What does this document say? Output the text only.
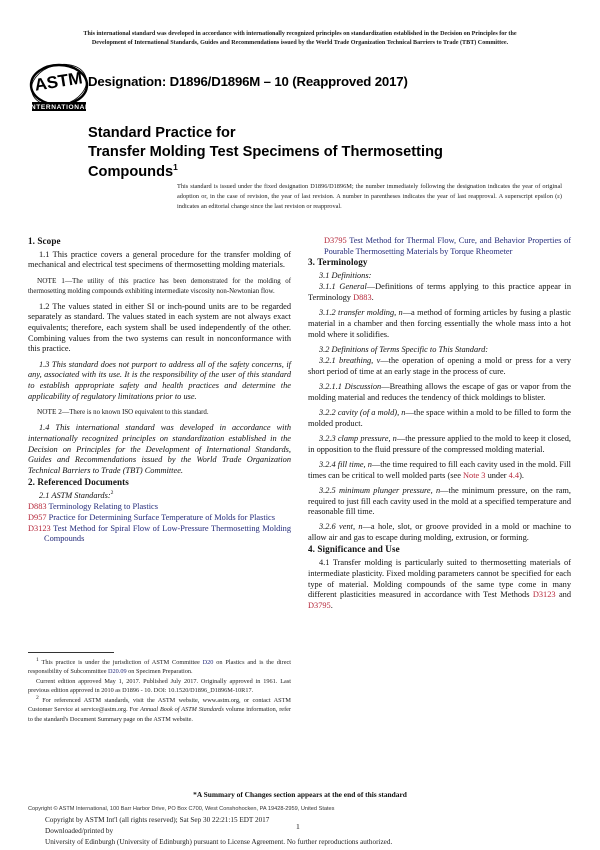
This international standard was developed in accordance with internationally recognized principles on standardization established in the Decision on Principles for the
Development of International Standards, Guides and Recommendations issued by the World Trade Organization Technical Barriers to Trade (TBT) Committee.
ASTM
INTERNATIONAL
Designation: D1896/D1896M – 10 (Reapproved 2017)
Standard Practice for
Transfer Molding Test Specimens of Thermosetting
Compounds$^1$
This standard is issued under the fixed designation D1896/D1896M; the number immediately following the designation indicates the year of original adoption or, in the case of revision, the year of last revision. A number in parentheses indicates the year of last reapproval. A superscript epsilon (ε) indicates an editorial change since the last revision or reapproval.
1. Scope

1.1 This practice covers a general procedure for the transfer molding of mechanical and electrical test specimens of thermosetting molding materials.

NOTE 1—The utility of this practice has been demonstrated for the molding of thermosetting molding compounds exhibiting intermediate viscosity non-Newtonian flow.

1.2 The values stated in either SI or inch-pound units are to be regarded separately as standard. The values stated in each system are not always exact equivalents; therefore, each system shall be used independently of the other. Combining values from the two systems can result in nonconformance with this practice.

1.3 This standard does not purport to address all of the safety concerns, if any, associated with its use. It is the responsibility of the user of this standard to establish appropriate safety and health practices and determine the applicability of regulatory limitations prior to use.

NOTE 2—There is no known ISO equivalent to this standard.

1.4 This international standard was developed in accordance with internationally recognized principles on standardization established in the Decision on Principles for the Development of International Standards, Guides and Recommendations issued by the World Trade Organization Technical Barriers to Trade (TBT) Committee.

2. Referenced Documents

2.1 ASTM Standards:$^2$

D883 Terminology Relating to Plastics

D957 Practice for Determining Surface Temperature of Molds for Plastics

D3123 Test Method for Spiral Flow of Low-Pressure Thermosetting Molding Compounds

D3795 Test Method for Thermal Flow, Cure, and Behavior Properties of Pourable Thermosetting Materials by Torque Rheometer

3. Terminology

3.1 Definitions:

3.1.1 General—Definitions of terms applying to this practice appear in Terminology D883.

3.1.2 transfer molding, n—a method of forming articles by fusing a plastic material in a chamber and then forcing essentially the whole mass into a hot mold where it solidifies.

3.2 Definitions of Terms Specific to This Standard:

3.2.1 breathing, v—the operation of opening a mold or press for a very short period of time at an early stage in the process of cure.

3.2.1.1 Discussion—Breathing allows the escape of gas or vapor from the molding material and reduces the tendency of thick moldings to blister.

3.2.2 cavity (of a mold), n—the space within a mold to be filled to form the molded product.

3.2.3 clamp pressure, n—the pressure applied to the mold to keep it closed, in opposition to the fluid pressure of the compressed molding material.

3.2.4 fill time, n—the time required to fill each cavity used in the mold. Fill times can be critical to well molded parts (see Note 3 under 4.4).

3.2.5 minimum plunger pressure, n—the minimum pressure, on the ram, required to just fill each cavity used in the mold at a specified temperature and reasonable fill time.

3.2.6 vent, n—a hole, slot, or groove provided in a mold or machine to allow air and gas to escape during molding, extrusion, or forming.

4. Significance and Use

4.1 Transfer molding is particularly suited to thermosetting materials of intermediate plasticity. Fixed molding parameters cannot be specified for each type of material. Molding compounds of the same type come in many different plasticities measured in accordance with Test Methods D3123 and D3795.

$^1$ This practice is under the jurisdiction of ASTM Committee D20 on Plastics and is the direct responsibility of Subcommittee D20.09 on Specimen Preparation.

Current edition approved May 1, 2017. Published July 2017. Originally approved in 1961. Last previous edition approved in 2010 as D1896 - 10. DOI: 10.1520/D1896_D1896M-10R17.

$^2$ For referenced ASTM standards, visit the ASTM website, www.astm.org, or contact ASTM Customer Service at service@astm.org. For Annual Book of ASTM Standards volume information, refer to the standard's Document Summary page on the ASTM website.

*A Summary of Changes section appears at the end of this standard
Copyright © ASTM International, 100 Barr Harbor Drive, PO Box C700, West Conshohocken, PA 19428-2959, United States
Copyright by ASTM Int'l (all rights reserved); Sat Sep 30 22:21:15 EDT 2017
Downloaded/printed by
University of Edinburgh (University of Edinburgh) pursuant to License Agreement. No further reproductions authorized.
1
